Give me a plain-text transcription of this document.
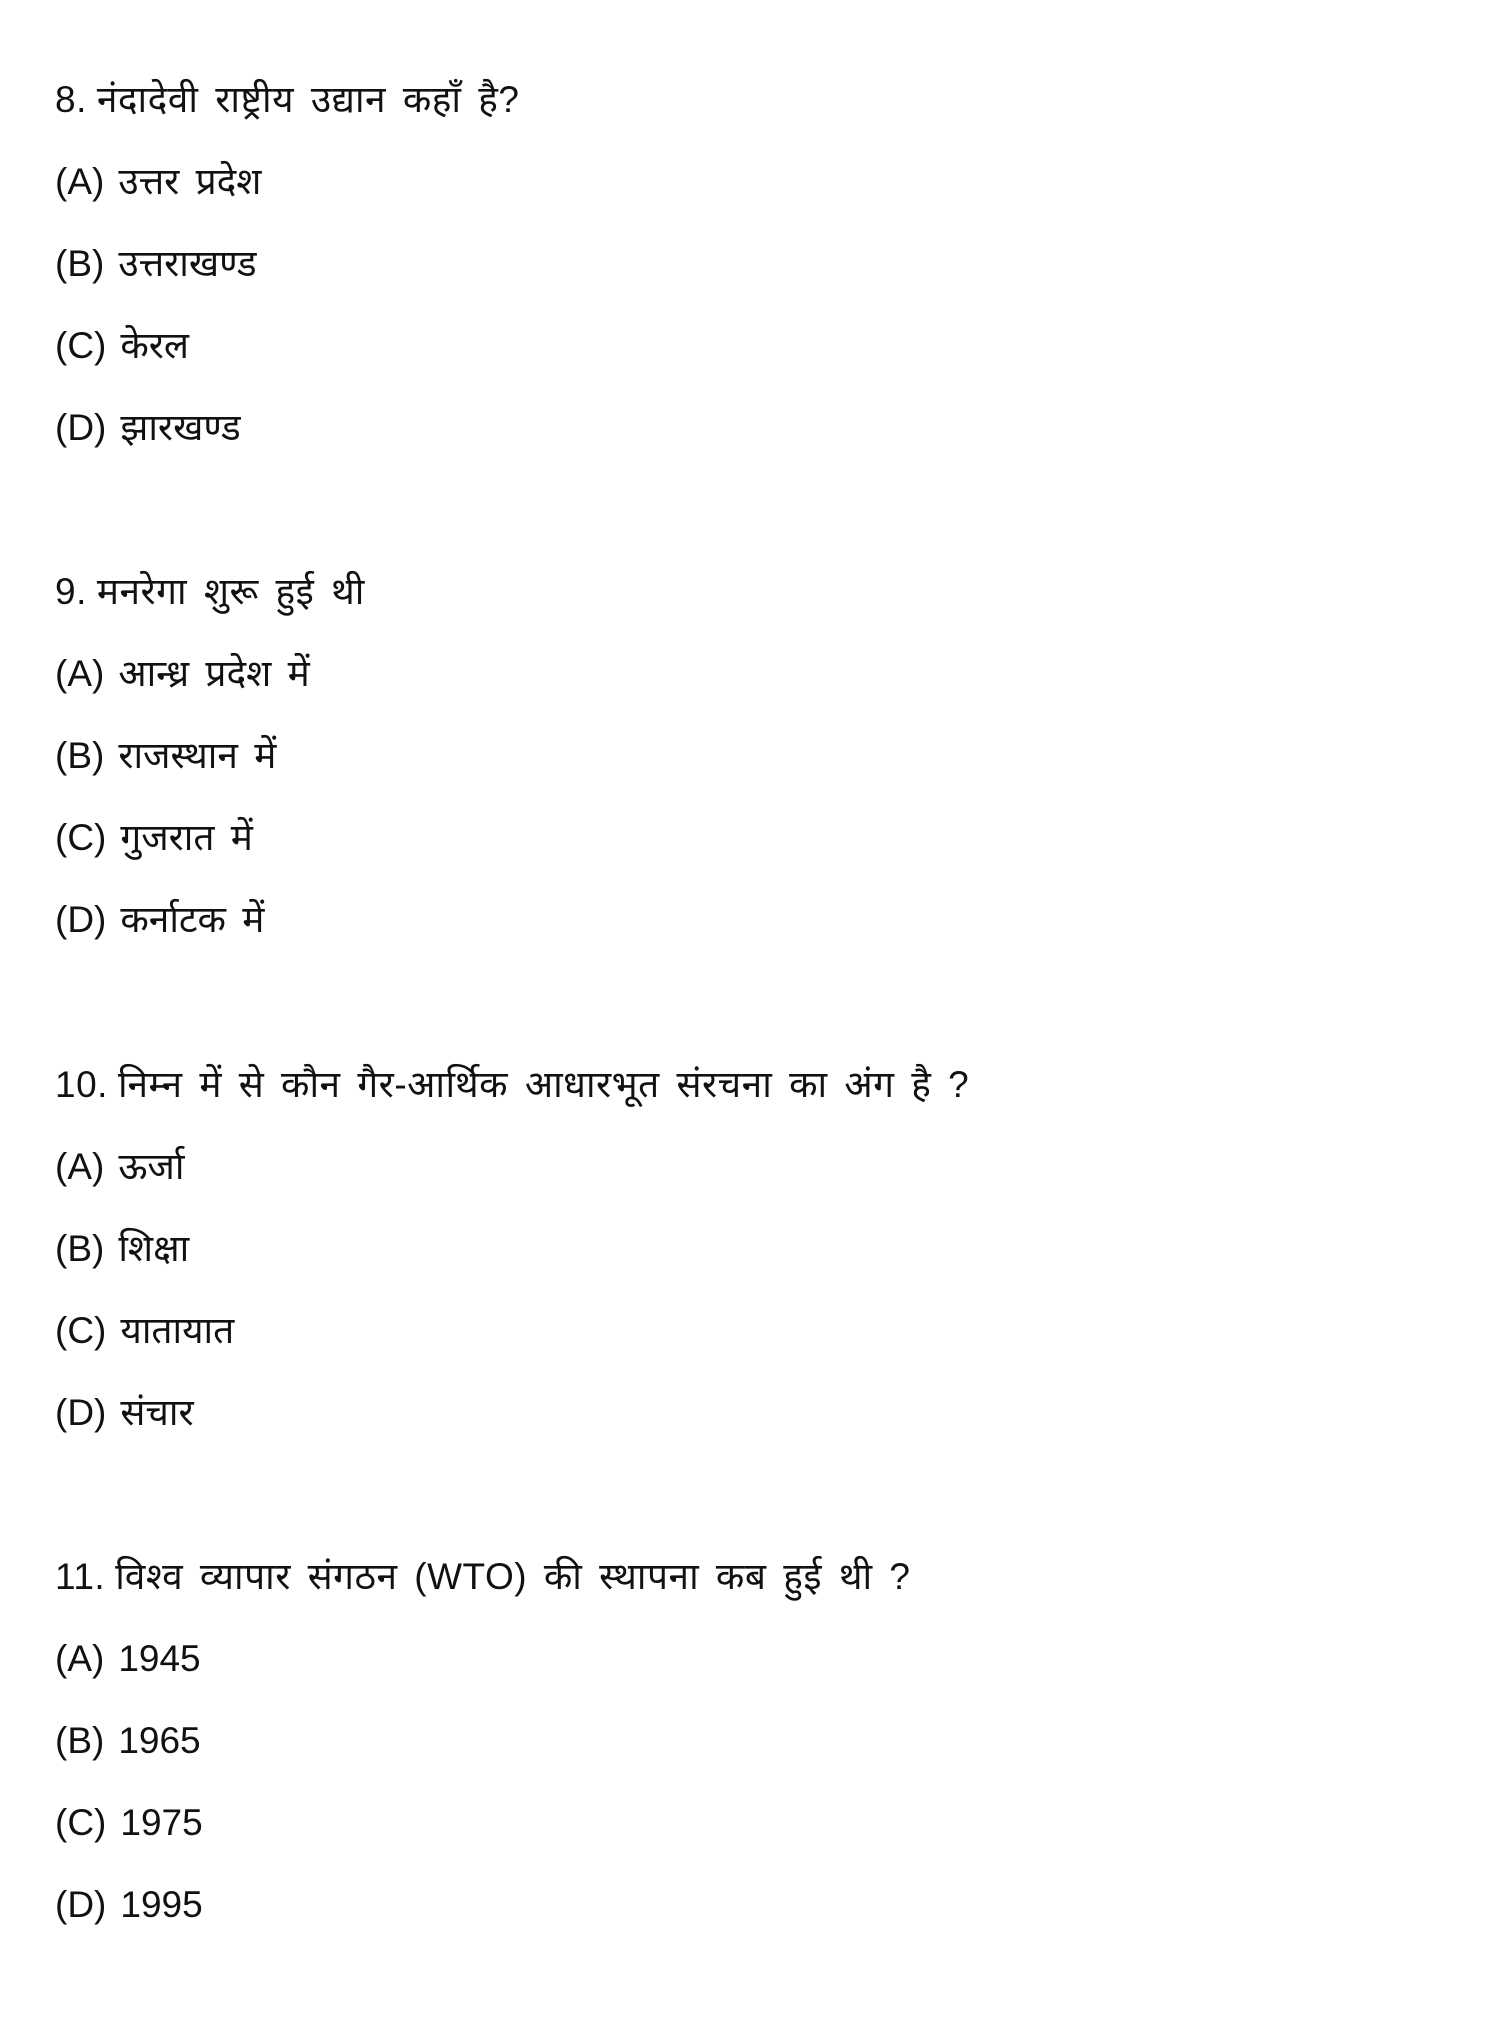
8. नंदादेवी राष्ट्रीय उद्यान कहाँ है?
(A) उत्तर प्रदेश
(B) उत्तराखण्ड
(C) केरल
(D) झारखण्ड
9. मनरेगा शुरू हुई थी
(A) आन्ध्र प्रदेश में
(B) राजस्थान में
(C) गुजरात में
(D) कर्नाटक में
10. निम्न में से कौन गैर-आर्थिक आधारभूत संरचना का अंग है ?
(A) ऊर्जा
(B) शिक्षा
(C) यातायात
(D) संचार
11. विश्व व्यापार संगठन (WTO) की स्थापना कब हुई थी ?
(A) 1945
(B) 1965
(C) 1975
(D) 1995
